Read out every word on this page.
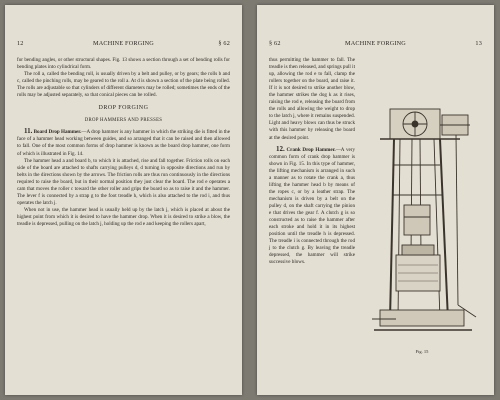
12	MACHINE FORGING	§ 62

for bending angles, or other structural shapes. Fig. 13 shows a section through a set of bending rolls for bending plates into cylindrical form.

The roll a, called the bending roll, is usually driven by a belt and pulley, or by gears; the rolls b and c, called the pinching rolls, may be geared to the roll a. At d is shown a section of the plate being rolled. The rolls are adjustable so that cylinders of different diameters may be rolled; sometimes the ends of the rolls may be adjusted separately, so that conical pieces can be rolled.

DROP FORGING
DROP HAMMERS AND PRESSES

11. Board Drop Hammer.—A drop hammer is any hammer in which the striking die is fitted in the face of a hammer head working between guides, and so arranged that it can be raised and then allowed to fall. One of the most common forms of drop hammer is known as the board drop hammer, one form of which is illustrated in Fig. 14.

The hammer head a and board b, to which it is attached, rise and fall together. Friction rolls on each side of the board are attached to shafts carrying pulleys d, d turning in opposite directions and run by belts in the directions shown by the arrows. The friction rolls are thus run continuously in the directions required to raise the board, but in their normal position they just clear the board. The rod e operates a cam that moves the roller c toward the other roller and grips the board so as to raise it and the hammer. The lever f is connected by a strap g to the foot treadle h, which is also attached to the rod i, and thus operates the latch j.

When not in use, the hammer head is usually held up by the latch j, which is placed at about the highest point from which it is desired to have the hammer drop. When it is desired to strike a blow, the treadle is depressed, pulling on the latch j, holding up the rod e and keeping the rollers apart,

§ 62	MACHINE FORGING	13

thus permitting the hammer to fall. The treadle is then released, and springs pull it up, allowing the rod e to fall, clamp the rollers together on the board, and raise it. If it is not desired to strike another blow, the hammer strikes the dog k as it rises, raising the rod e, releasing the board from the rolls and allowing the weight to drop to the latch j, where it remains suspended. Light and heavy blows can thus be struck with this hammer by releasing the board at the desired point.

12. Crank Drop Hammer.—A very common form of crank drop hammer is shown in Fig. 15. In this type of hammer, the lifting mechanism is arranged in such a manner as to rotate the crank a, thus lifting the hammer head b by means of the ropes c, or by a leather strap. The mechanism is driven by a belt on the pulley d, on the shaft carrying the pinion e that drives the gear f. A clutch g is so constructed as to raise the hammer after each stroke and hold it in its highest position until the treadle h is depressed. The treadle i is connected through the rod j to the clutch g. By leaving the treadle depressed, the hammer will strike successive blows.

Fig. 15
